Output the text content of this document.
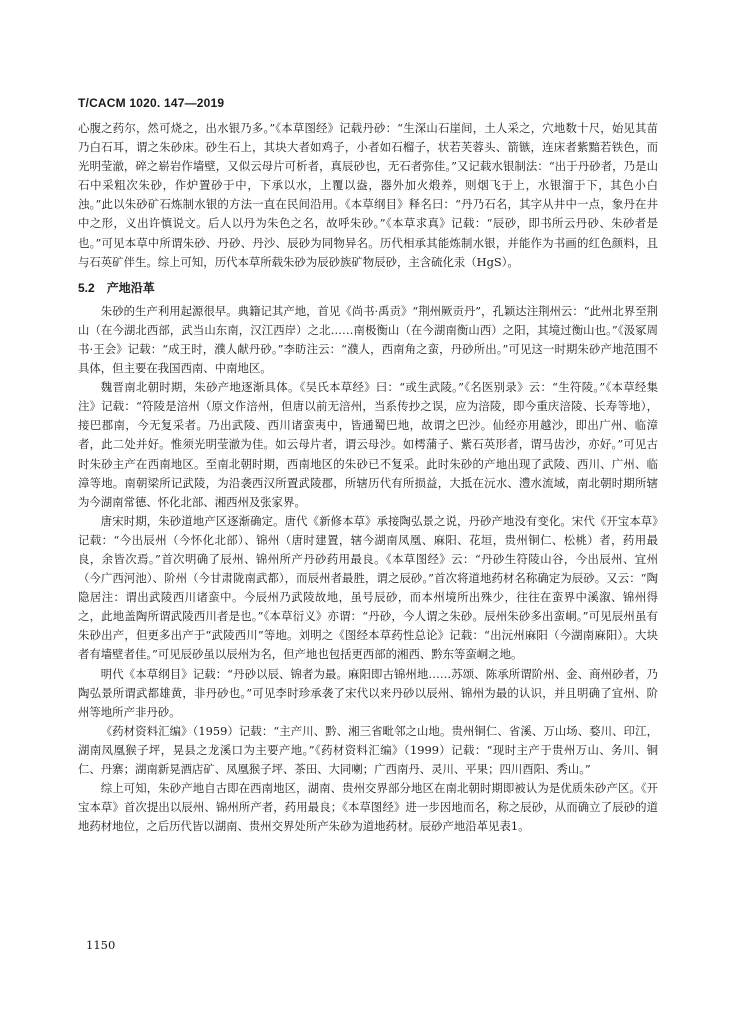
T/CACM 1020. 147—2019

心腹之药尔，然可烧之，出水银乃多。”《本草图经》记载丹砂：“生深山石崖间，土人采之，穴地数十尺，始见其苗乃白石耳，谓之朱砂床。砂生石上，其块大者如鸡子，小者如石榴子，状若芙蓉头、箭镞，连床者紫黯若铁色，而光明莹澈，碎之崭岩作墙壁，又似云母片可析者，真辰砂也，无石者弥佳。”又记载水银制法：“出于丹砂者，乃是山石中采粗次朱砂，作炉置砂于中，下承以水，上覆以盎，器外加火煅养，则烟飞于上，水银溜于下，其色小白浊。”此以朱砂矿石炼制水银的方法一直在民间沿用。《本草纲目》释名曰：“丹乃石名，其字从井中一点，象丹在井中之形，义出许慎说文。后人以丹为朱色之名，故呼朱砂。”《本草求真》记载：“辰砂，即书所云丹砂、朱砂者是也。”可见本草中所谓朱砂、丹砂、丹沙、辰砂为同物异名。历代相承其能炼制水银，并能作为书画的红色颜料，且与石英矿伴生。综上可知，历代本草所载朱砂为辰砂族矿物辰砂，主含硫化汞（HgS）。

5.2 产地沿革

朱砂的生产利用起源很早。典籍记其产地，首见《尚书·禹贡》“荆州厥贡丹”，孔颖达注荆州云：“此州北界至荆山（在今湖北西部，武当山东南，汉江西岸）之北……南极衡山（在今湖南衡山西）之阳，其境过衡山也。”《汲冢周书·王会》记载：“成王时，濮人献丹砂。”李昉注云：“濮人，西南角之蛮，丹砂所出。”可见这一时期朱砂产地范围不具体，但主要在我国西南、中南地区。

魏晋南北朝时期，朱砂产地逐渐具体。《吴氏本草经》曰：“或生武陵。”《名医别录》云：“生符陵。”《本草经集注》记载：“符陵是涪州（原文作涪州，但唐以前无涪州，当系传抄之误，应为涪陵，即今重庆涪陵、长寿等地），接巴郡南，今无复采者。乃出武陵、西川诸蛮夷中，皆通蜀巴地，故谓之巴沙。仙经亦用越沙，即出广州、临漳者，此二处并好。惟须光明莹澈为佳。如云母片者，谓云母沙。如樗蒲子、紫石英形者，谓马齿沙，亦好。”可见古时朱砂主产在西南地区。至南北朝时期，西南地区的朱砂已不复采。此时朱砂的产地出现了武陵、西川、广州、临漳等地。南朝梁所记武陵，为沿袭西汉所置武陵郡，所辖历代有所损益，大抵在沅水、澧水流域，南北朝时期所辖为今湖南常德、怀化北部、湘西州及张家界。

唐宋时期，朱砂道地产区逐渐确定。唐代《新修本草》承接陶弘景之说，丹砂产地没有变化。宋代《开宝本草》记载：“今出辰州（今怀化北部）、锦州（唐时建置，辖今湖南凤凰、麻阳、花垣，贵州铜仁、松桃）者，药用最良，余皆次焉。”首次明确了辰州、锦州所产丹砂药用最良。《本草图经》云：“丹砂生符陵山谷，今出辰州、宜州（今广西河池）、阶州（今甘肃陇南武都），而辰州者最胜，谓之辰砂。”首次将道地药材名称确定为辰砂。又云：“陶隐居注：谓出武陵西川诸蛮中。今辰州乃武陵故地，虽号辰砂，而本州境所出殊少，往往在蛮界中溪溆、锦州得之，此地盖陶所谓武陵西川者是也。”《本草衍义》亦谓：“丹砂，今人谓之朱砂。辰州朱砂多出蛮峒。”可见辰州虽有朱砂出产，但更多出产于“武陵西川”等地。刘明之《图经本草药性总论》记载：“出沅州麻阳（今湖南麻阳）。大块者有墙壁者佳。”可见辰砂虽以辰州为名，但产地也包括更西部的湘西、黔东等蛮峒之地。

明代《本草纲目》记载：“丹砂以辰、锦者为最。麻阳即古锦州地……苏颂、陈承所谓阶州、金、商州砂者，乃陶弘景所谓武都雄黄，非丹砂也。”可见李时珍承袭了宋代以来丹砂以辰州、锦州为最的认识，并且明确了宜州、阶州等地所产非丹砂。

《药材资料汇编》（1959）记载：“主产川、黔、湘三省毗邻之山地。贵州铜仁、省溪、万山场、婺川、印江，湖南凤凰猴子坪，晃县之龙溪口为主要产地。”《药材资料汇编》（1999）记载：“现时主产于贵州万山、务川、铜仁、丹寨；湖南新晃酒店矿、凤凰猴子坪、茶田、大同喇；广西南丹、灵川、平果；四川酉阳、秀山。”

综上可知，朱砂产地自古即在西南地区，湖南、贵州交界部分地区在南北朝时期即被认为是优质朱砂产区。《开宝本草》首次提出以辰州、锦州所产者，药用最良；《本草图经》进一步因地而名，称之辰砂，从而确立了辰砂的道地药材地位，之后历代皆以湖南、贵州交界处所产朱砂为道地药材。辰砂产地沿革见表1。

1150
